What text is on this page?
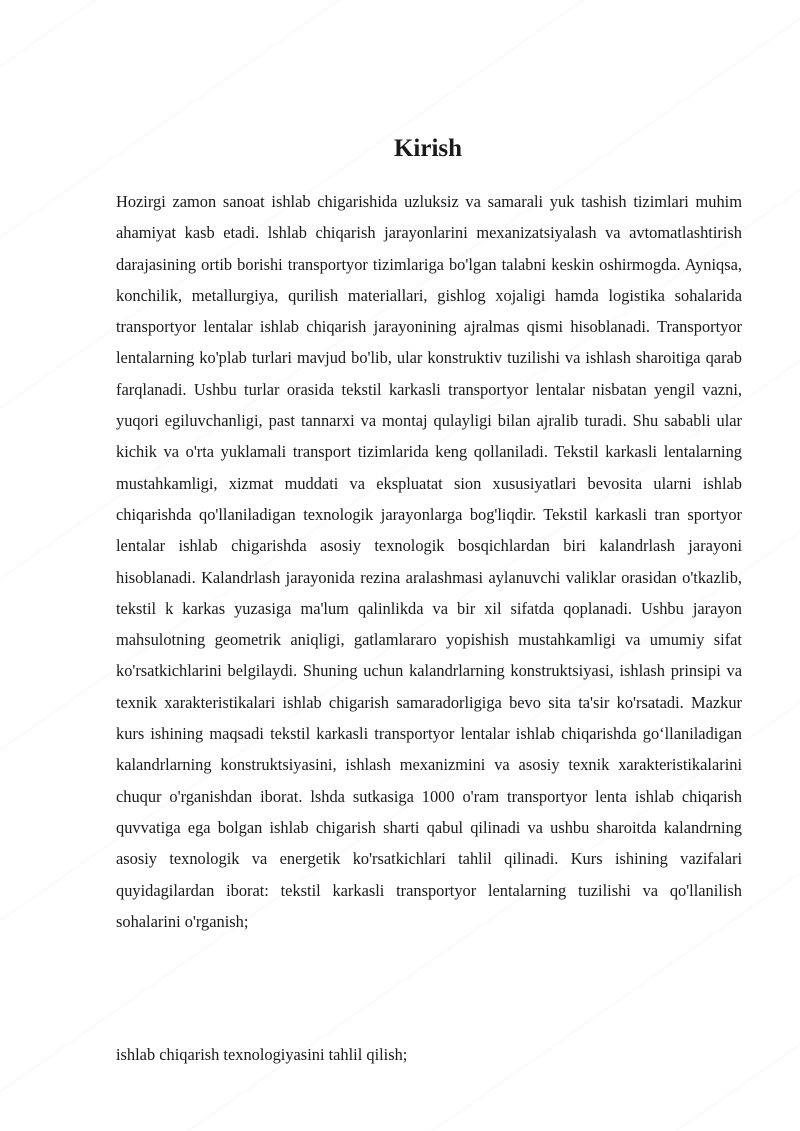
Kirish

Hozirgi zamon sanoat ishlab chigarishida uzluksiz va samarali yuk tashish tizimlari muhim ahamiyat kasb etadi. lshlab chiqarish jarayonlarini mexanizatsiyalash va avtomatlashtirish darajasining ortib borishi transportyor tizimlariga bo'lgan talabni keskin oshirmogda. Ayniqsa, konchilik, metallurgiya, qurilish materiallari, gishlog xojaligi hamda logistika sohalarida transportyor lentalar ishlab chiqarish jarayonining ajralmas qismi hisoblanadi. Transportyor lentalarning ko'plab turlari mavjud bo'lib, ular konstruktiv tuzilishi va ishlash sharoitiga qarab farqlanadi. Ushbu turlar orasida tekstil karkasli transportyor lentalar nisbatan yengil vazni, yuqori egiluvchanligi, past tannarxi va montaj qulayligi bilan ajralib turadi. Shu sababli ular kichik va o'rta yuklamali transport tizimlarida keng qollaniladi. Tekstil karkasli lentalarning mustahkamligi, xizmat muddati va ekspluatat sion xususiyatlari bevosita ularni ishlab chiqarishda qo'llaniladigan texnologik jarayonlarga bog'liqdir. Tekstil karkasli tran sportyor lentalar ishlab chigarishda asosiy texnologik bosqichlardan biri kalandrlash jarayoni hisoblanadi. Kalandrlash jarayonida rezina aralashmasi aylanuvchi valiklar orasidan o'tkazlib, tekstil k karkas yuzasiga ma'lum qalinlikda va bir xil sifatda qoplanadi. Ushbu jarayon mahsulotning geometrik aniqligi, gatlamlararo yopishish mustahkamligi va umumiy sifat ko'rsatkichlarini belgilaydi. Shuning uchun kalandrlarning konstruktsiyasi, ishlash prinsipi va texnik xarakteristikalari ishlab chigarish samaradorligiga bevo sita ta'sir ko'rsatadi. Mazkur kurs ishining maqsadi tekstil karkasli transportyor lentalar ishlab chiqarishda go‘llaniladigan kalandrlarning konstruktsiyasini, ishlash mexanizmini va asosiy texnik xarakteristikalarini chuqur o'rganishdan iborat. lshda sutkasiga 1000 o'ram transportyor lenta ishlab chiqarish quvvatiga ega bolgan ishlab chigarish sharti qabul qilinadi va ushbu sharoitda kalandrning asosiy texnologik va energetik ko'rsatkichlari tahlil qilinadi. Kurs ishining vazifalari quyidagilardan iborat: tekstil karkasli transportyor lentalarning tuzilishi va qo'llanilish sohalarini o'rganish;

ishlab chiqarish texnologiyasini tahlil qilish;
